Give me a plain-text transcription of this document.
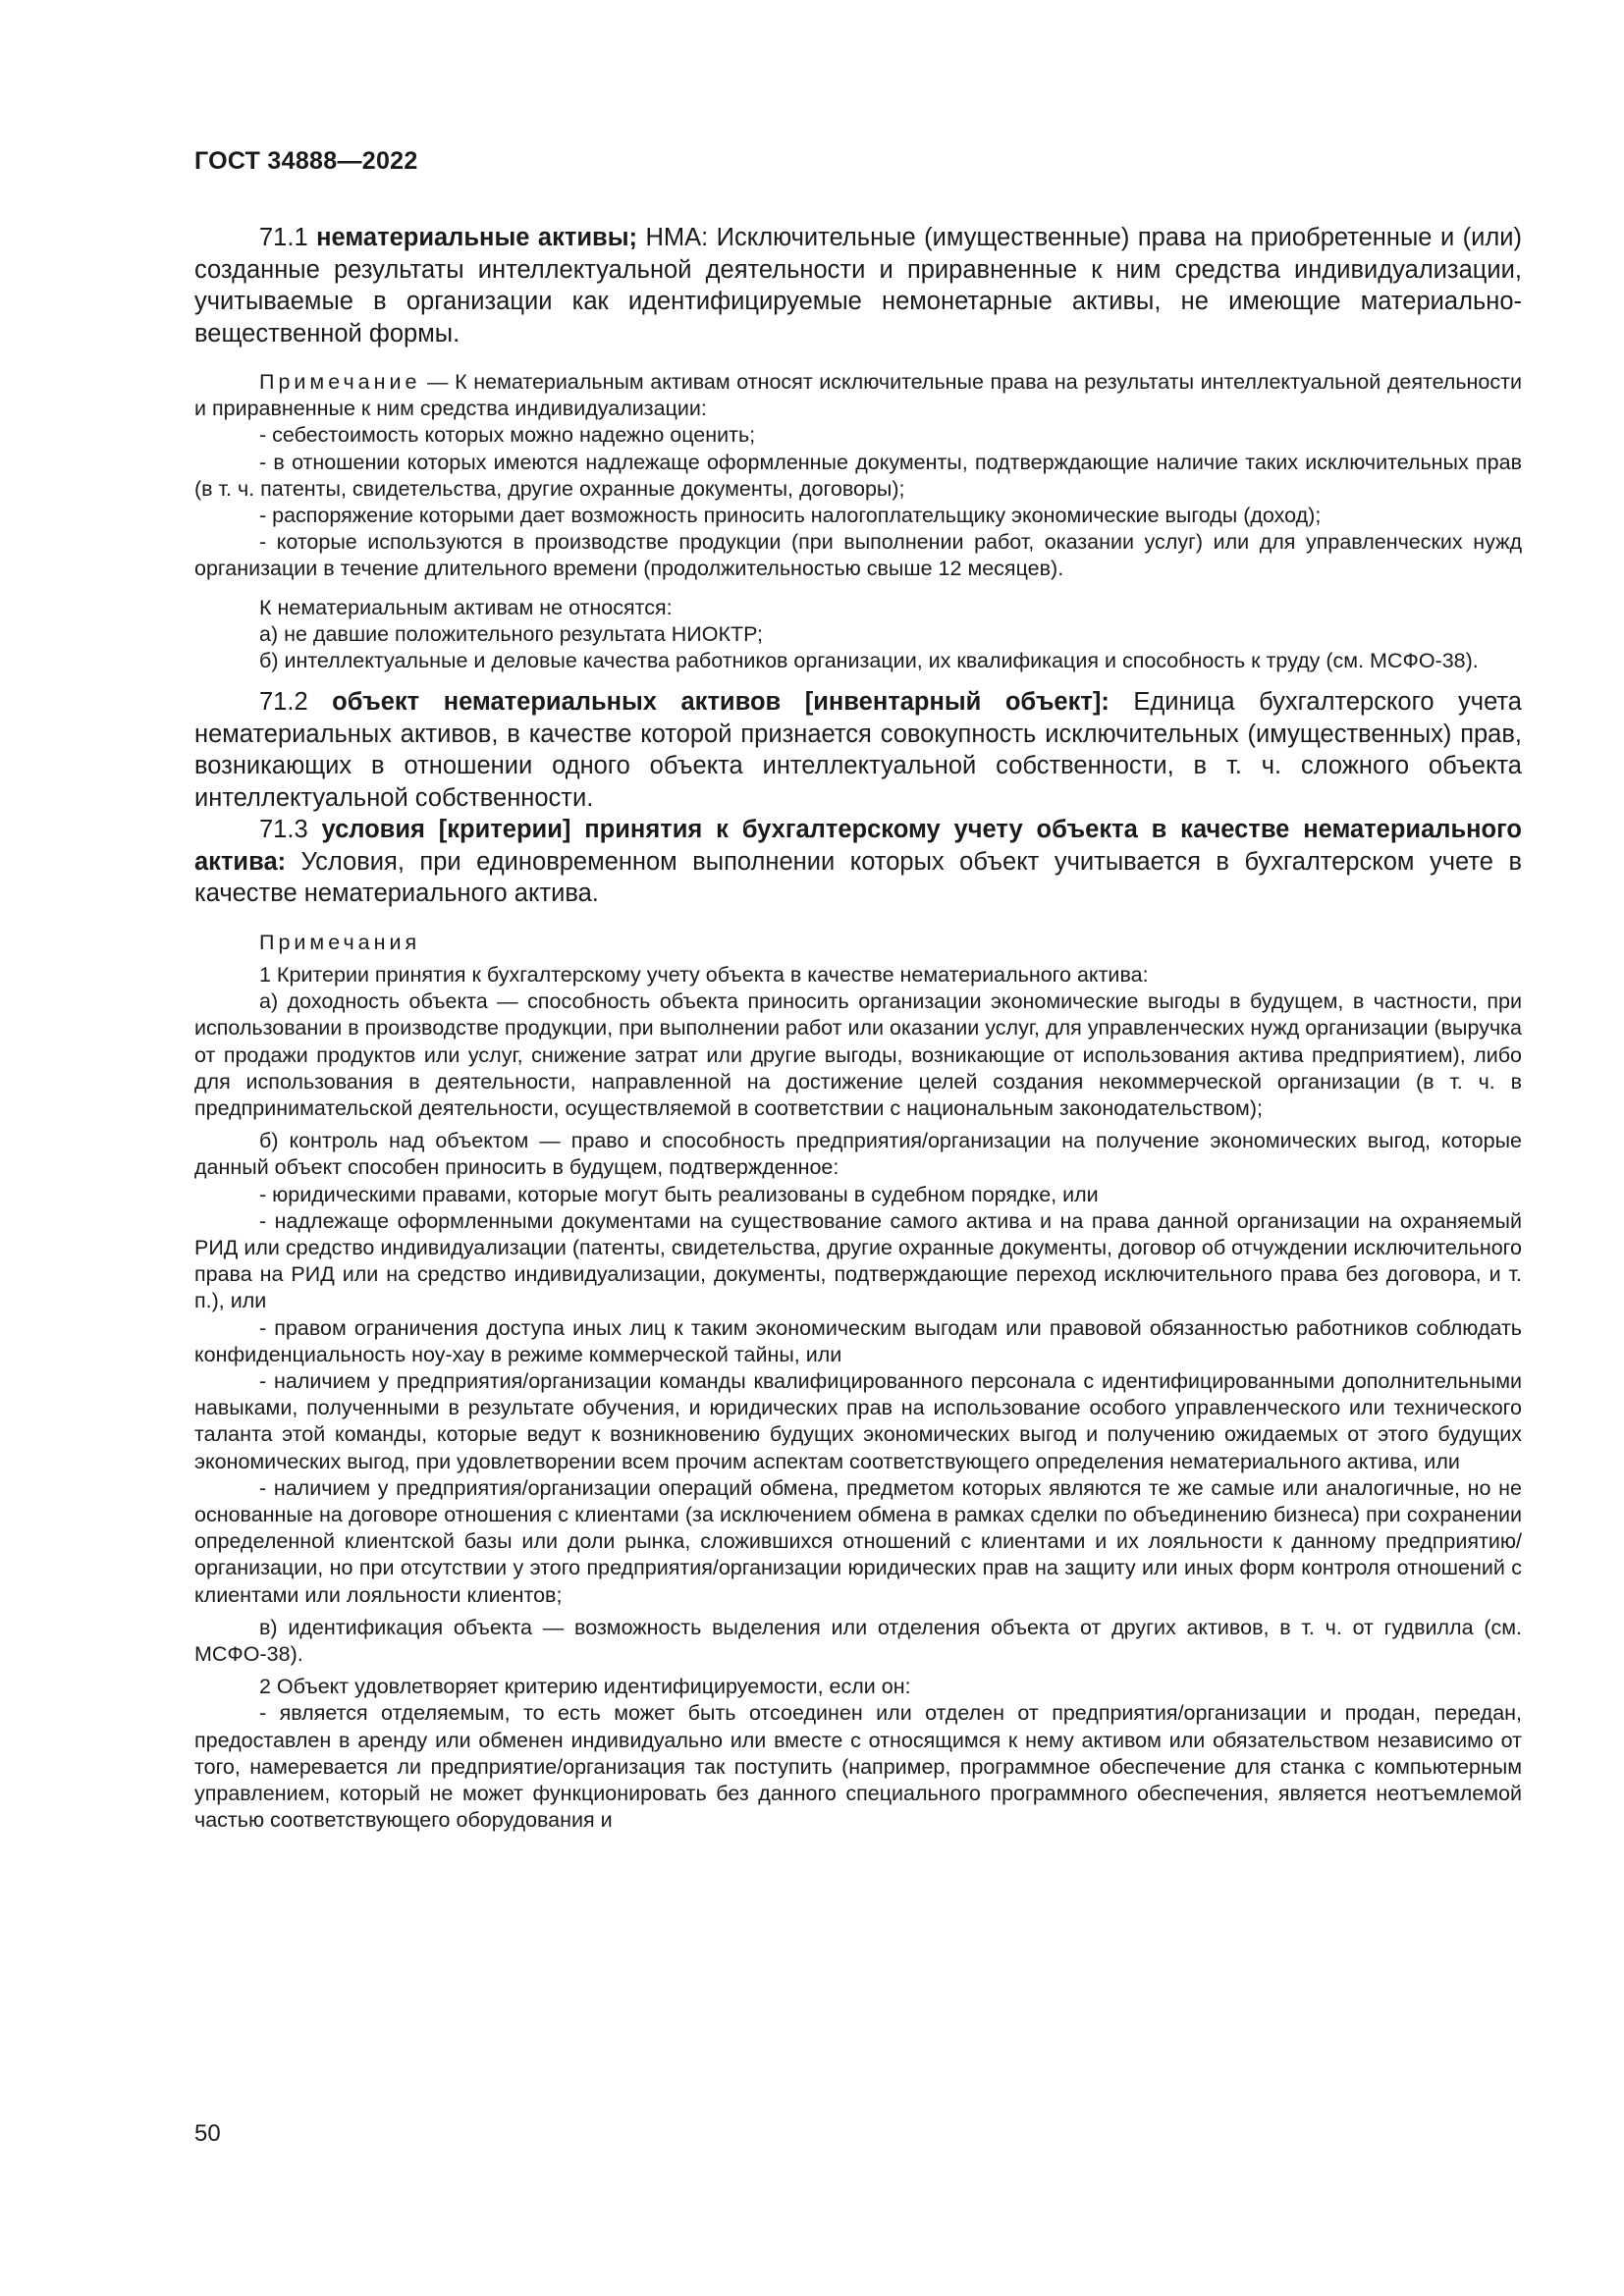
ГОСТ 34888—2022

71.1 нематериальные активы; НМА: Исключительные (имущественные) права на приобретенные и (или) созданные результаты интеллектуальной деятельности и приравненные к ним средства индивидуализации, учитываемые в организации как идентифицируемые немонетарные активы, не имеющие материально-вещественной формы.

Примечание — К нематериальным активам относят исключительные права на результаты интеллектуальной деятельности и приравненные к ним средства индивидуализации:

- себестоимость которых можно надежно оценить;

- в отношении которых имеются надлежаще оформленные документы, подтверждающие наличие таких исключительных прав (в т. ч. патенты, свидетельства, другие охранные документы, договоры);

- распоряжение которыми дает возможность приносить налогоплательщику экономические выгоды (доход);

- которые используются в производстве продукции (при выполнении работ, оказании услуг) или для управленческих нужд организации в течение длительного времени (продолжительностью свыше 12 месяцев).

К нематериальным активам не относятся:

а) не давшие положительного результата НИОКТР;

б) интеллектуальные и деловые качества работников организации, их квалификация и способность к труду (см. МСФО-38).

71.2 объект нематериальных активов [инвентарный объект]: Единица бухгалтерского учета нематериальных активов, в качестве которой признается совокупность исключительных (имущественных) прав, возникающих в отношении одного объекта интеллектуальной собственности, в т. ч. сложного объекта интеллектуальной собственности.

71.3 условия [критерии] принятия к бухгалтерскому учету объекта в качестве нематериального актива: Условия, при единовременном выполнении которых объект учитывается в бухгалтерском учете в качестве нематериального актива.

Примечания

1 Критерии принятия к бухгалтерскому учету объекта в качестве нематериального актива:

а) доходность объекта — способность объекта приносить организации экономические выгоды в будущем, в частности, при использовании в производстве продукции, при выполнении работ или оказании услуг, для управленческих нужд организации (выручка от продажи продуктов или услуг, снижение затрат или другие выгоды, возникающие от использования актива предприятием), либо для использования в деятельности, направленной на достижение целей создания некоммерческой организации (в т. ч. в предпринимательской деятельности, осуществляемой в соответствии с национальным законодательством);

б) контроль над объектом — право и способность предприятия/организации на получение экономических выгод, которые данный объект способен приносить в будущем, подтвержденное:

- юридическими правами, которые могут быть реализованы в судебном порядке, или

- надлежаще оформленными документами на существование самого актива и на права данной организации на охраняемый РИД или средство индивидуализации (патенты, свидетельства, другие охранные документы, договор об отчуждении исключительного права на РИД или на средство индивидуализации, документы, подтверждающие переход исключительного права без договора, и т. п.), или

- правом ограничения доступа иных лиц к таким экономическим выгодам или правовой обязанностью работников соблюдать конфиденциальность ноу-хау в режиме коммерческой тайны, или

- наличием у предприятия/организации команды квалифицированного персонала с идентифицированными дополнительными навыками, полученными в результате обучения, и юридических прав на использование особого управленческого или технического таланта этой команды, которые ведут к возникновению будущих экономических выгод и получению ожидаемых от этого будущих экономических выгод, при удовлетворении всем прочим аспектам соответствующего определения нематериального актива, или

- наличием у предприятия/организации операций обмена, предметом которых являются те же самые или аналогичные, но не основанные на договоре отношения с клиентами (за исключением обмена в рамках сделки по объединению бизнеса) при сохранении определенной клиентской базы или доли рынка, сложившихся отношений с клиентами и их лояльности к данному предприятию/организации, но при отсутствии у этого предприятия/организации юридических прав на защиту или иных форм контроля отношений с клиентами или лояльности клиентов;

в) идентификация объекта — возможность выделения или отделения объекта от других активов, в т. ч. от гудвилла (см. МСФО-38).

2 Объект удовлетворяет критерию идентифицируемости, если он:

- является отделяемым, то есть может быть отсоединен или отделен от предприятия/организации и продан, передан, предоставлен в аренду или обменен индивидуально или вместе с относящимся к нему активом или обязательством независимо от того, намеревается ли предприятие/организация так поступить (например, программное обеспечение для станка с компьютерным управлением, который не может функционировать без данного специального программного обеспечения, является неотъемлемой частью соответствующего оборудования и

50
